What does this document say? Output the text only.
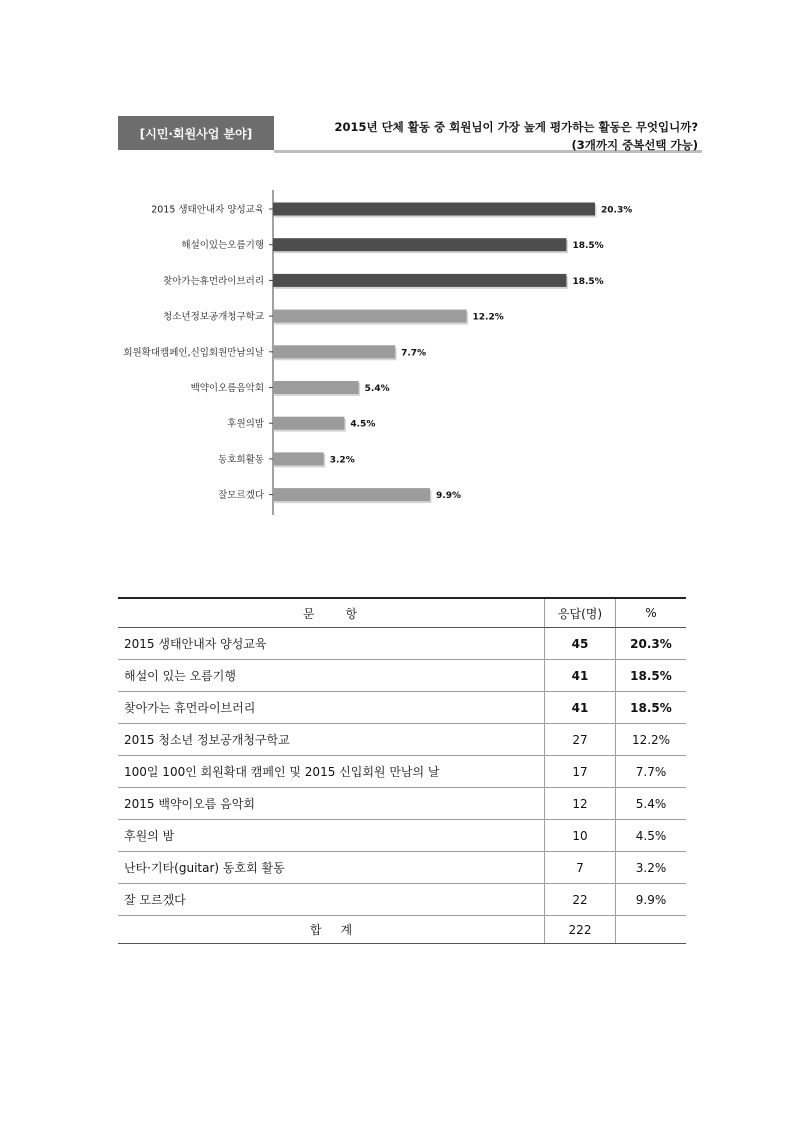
[시민·회원사업 분야]	2015년 단체 활동 중 회원님이 가장 높게 평가하는 활동은 무엇입니까?
(3개까지 중복선택 가능)
2015 생태안내자 양성교육	20.3%
해설이있는오름기행	18.5%
찾아가는휴먼라이브러리	18.5%
청소년정보공개청구학교	12.2%
회원확대캠페인,신입회원만남의날	7.7%
백약이오름음악회	5.4%
후원의밤	4.5%
동호회활동	3.2%
잘모르겠다	9.9%
문     항	응답(명)	%
2015 생태안내자 양성교육	45	20.3%
해설이 있는 오름기행	41	18.5%
찾아가는 휴먼라이브러리	41	18.5%
2015 청소년 정보공개청구학교	27	12.2%
100일 100인 회원확대 캠페인 및 2015 신입회원 만남의 날	17	7.7%
2015 백약이오름 음악회	12	5.4%
후원의 밤	10	4.5%
난타·기타(guitar) 동호회 활동	7	3.2%
잘 모르겠다	22	9.9%
합     계	222	
